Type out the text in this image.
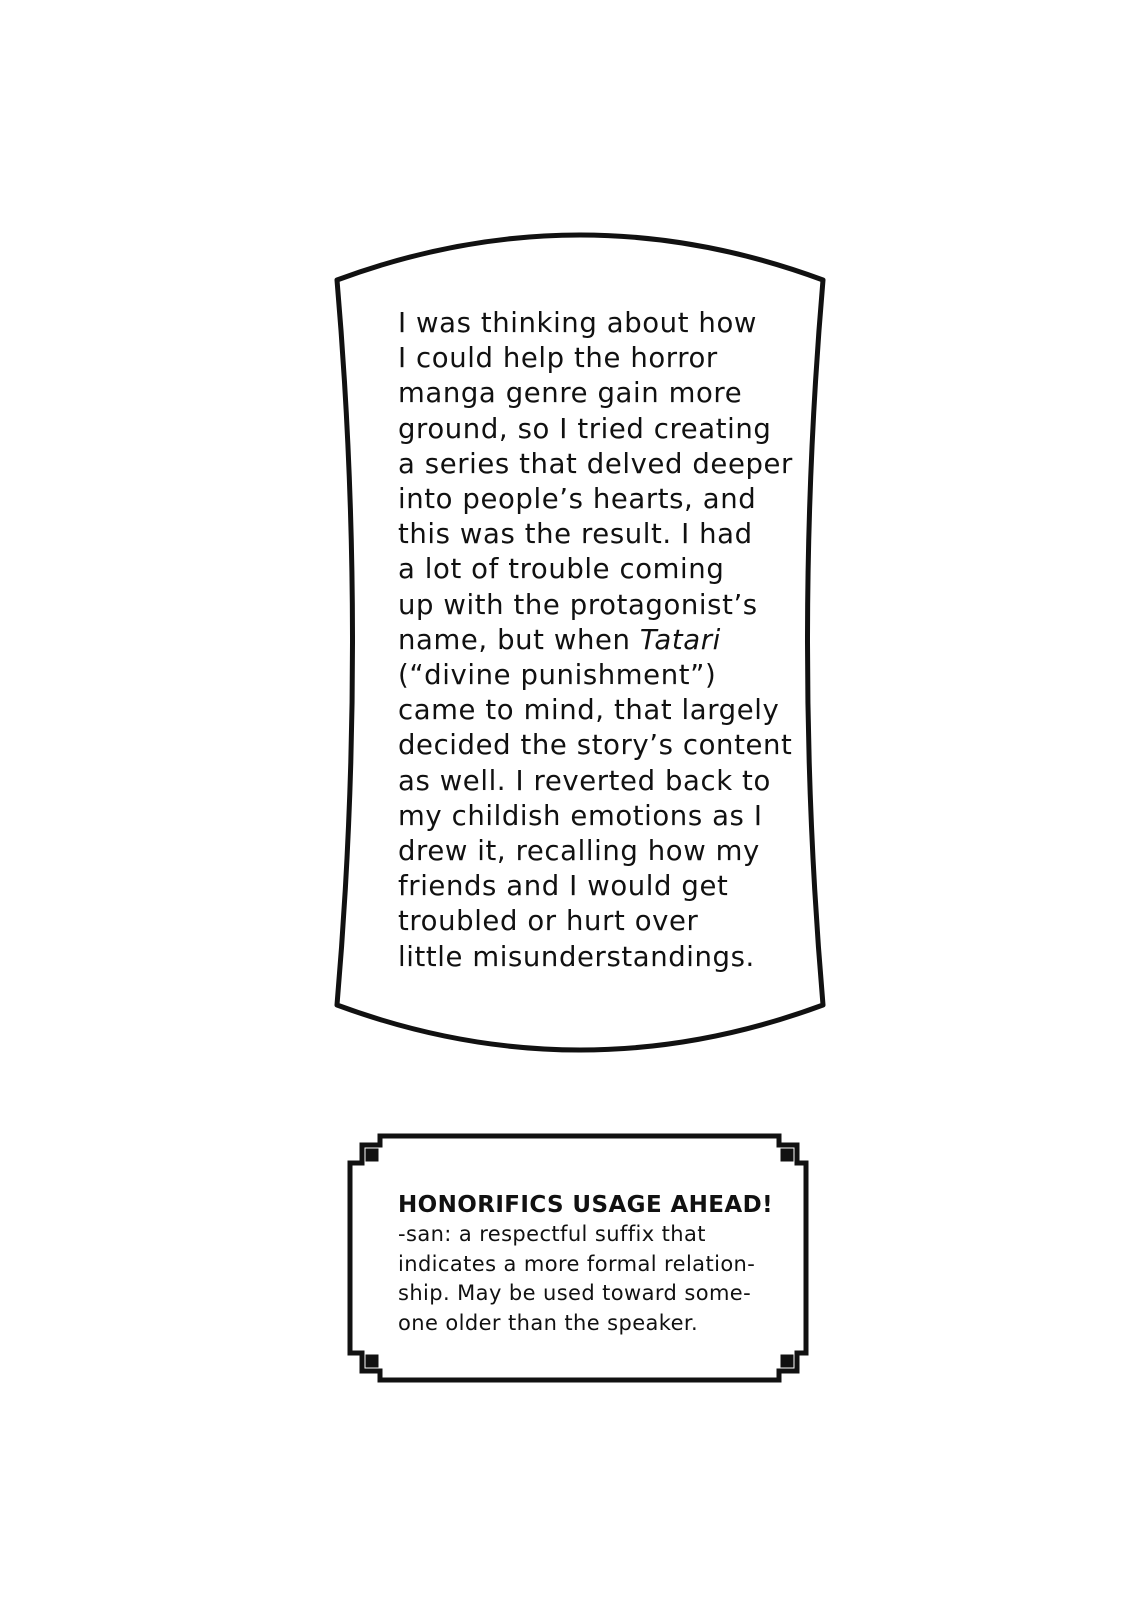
I was thinking about how
I could help the horror
manga genre gain more
ground, so I tried creating
a series that delved deeper
into people’s hearts, and
this was the result. I had
a lot of trouble coming
up with the protagonist’s
name, but when Tatari
(“divine punishment”)
came to mind, that largely
decided the story’s content
as well. I reverted back to
my childish emotions as I
drew it, recalling how my
friends and I would get
troubled or hurt over
little misunderstandings.
HONORIFICS USAGE AHEAD!
-san: a respectful suffix that
indicates a more formal relation-
ship. May be used toward some-
one older than the speaker.
